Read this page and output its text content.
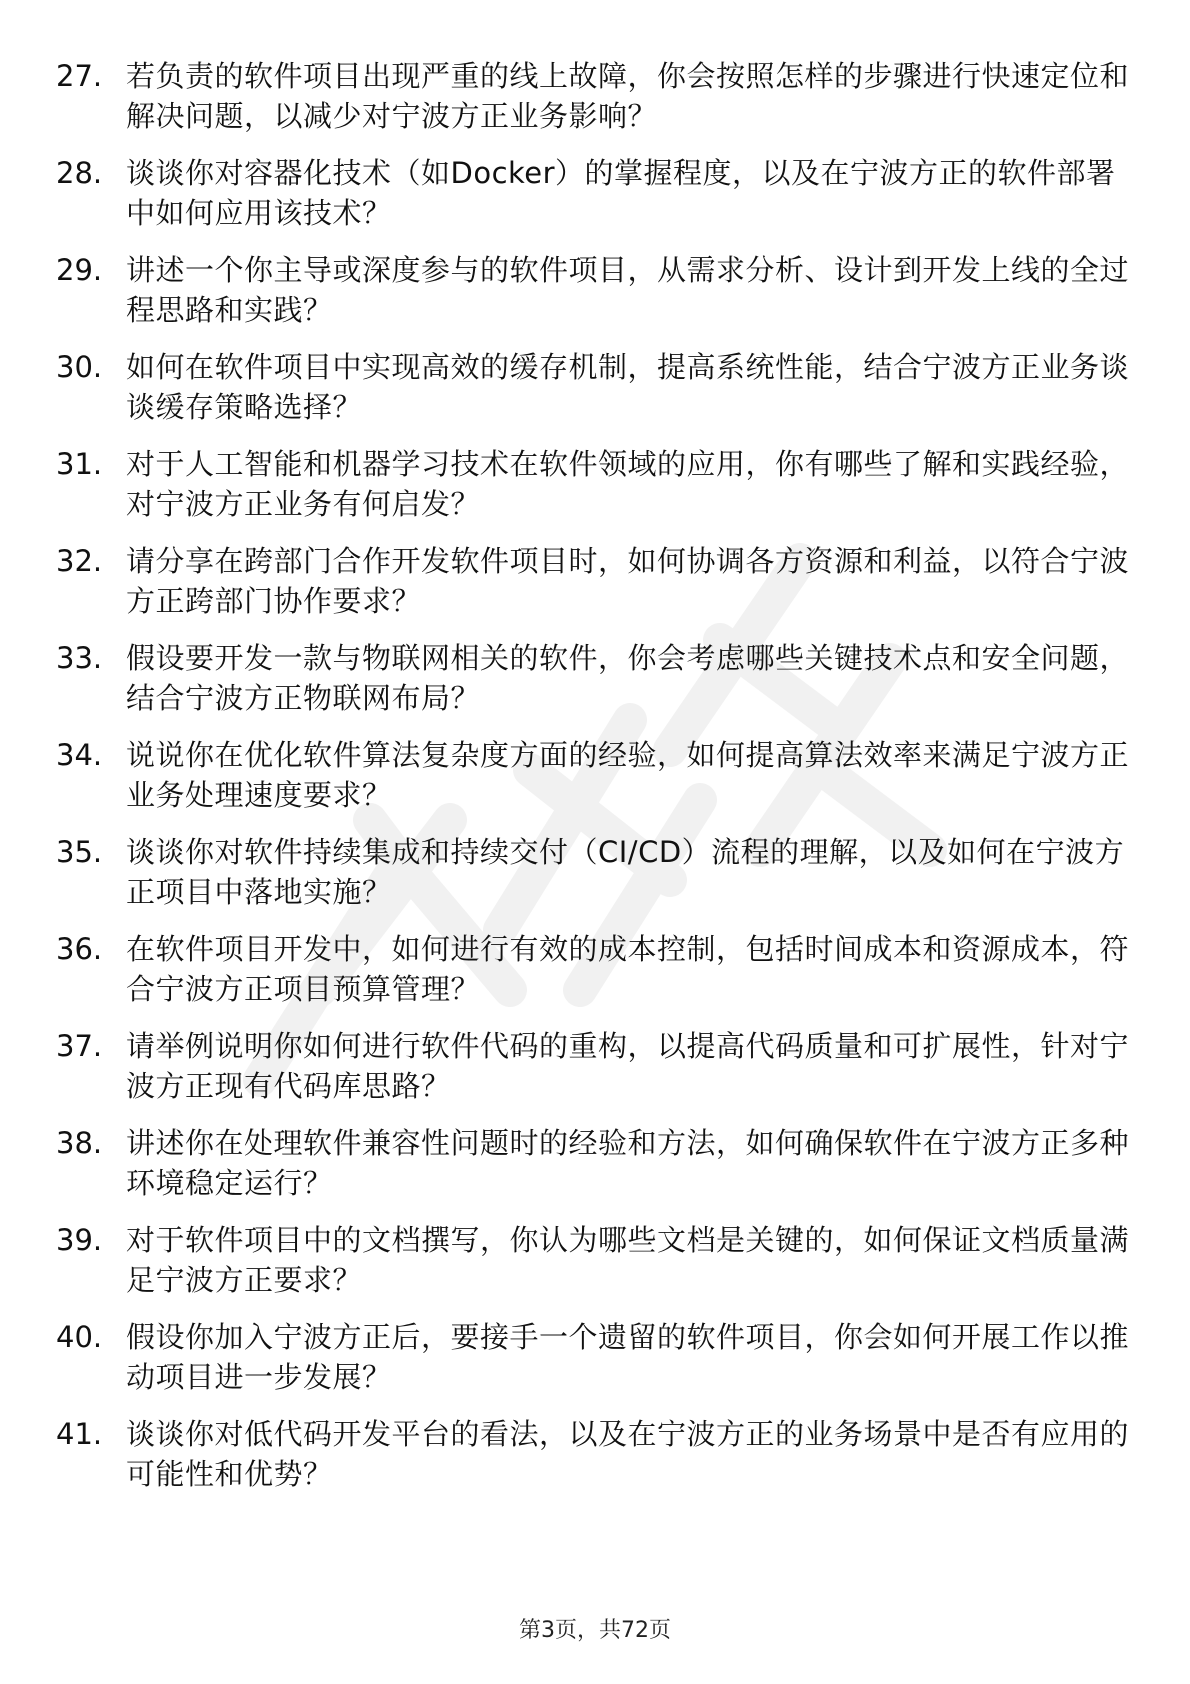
27. 若负责的软件项目出现严重的线上故障，你会按照怎样的步骤进行快速定位和解决问题，以减少对宁波方正业务影响？
28. 谈谈你对容器化技术（如Docker）的掌握程度，以及在宁波方正的软件部署中如何应用该技术？
29. 讲述一个你主导或深度参与的软件项目，从需求分析、设计到开发上线的全过程思路和实践？
30. 如何在软件项目中实现高效的缓存机制，提高系统性能，结合宁波方正业务谈谈缓存策略选择？
31. 对于人工智能和机器学习技术在软件领域的应用，你有哪些了解和实践经验，对宁波方正业务有何启发？
32. 请分享在跨部门合作开发软件项目时，如何协调各方资源和利益，以符合宁波方正跨部门协作要求？
33. 假设要开发一款与物联网相关的软件，你会考虑哪些关键技术点和安全问题，结合宁波方正物联网布局？
34. 说说你在优化软件算法复杂度方面的经验，如何提高算法效率来满足宁波方正业务处理速度要求？
35. 谈谈你对软件持续集成和持续交付（CI/CD）流程的理解，以及如何在宁波方正项目中落地实施？
36. 在软件项目开发中，如何进行有效的成本控制，包括时间成本和资源成本，符合宁波方正项目预算管理？
37. 请举例说明你如何进行软件代码的重构，以提高代码质量和可扩展性，针对宁波方正现有代码库思路？
38. 讲述你在处理软件兼容性问题时的经验和方法，如何确保软件在宁波方正多种环境稳定运行？
39. 对于软件项目中的文档撰写，你认为哪些文档是关键的，如何保证文档质量满足宁波方正要求？
40. 假设你加入宁波方正后，要接手一个遗留的软件项目，你会如何开展工作以推动项目进一步发展？
41. 谈谈你对低代码开发平台的看法，以及在宁波方正的业务场景中是否有应用的可能性和优势？
第3页，共72页
